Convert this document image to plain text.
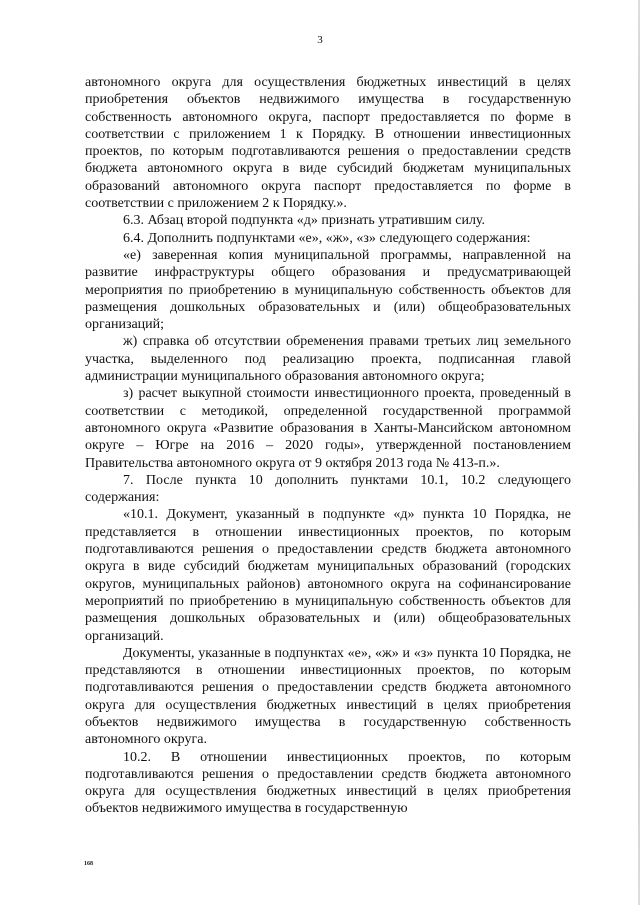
3

автономного округа для осуществления бюджетных инвестиций в целях приобретения объектов недвижимого имущества в государственную собственность автономного округа, паспорт предоставляется по форме в соответствии с приложением 1 к Порядку. В отношении инвестиционных проектов, по которым подготавливаются решения о предоставлении средств бюджета автономного округа в виде субсидий бюджетам муниципальных образований автономного округа паспорт предоставляется по форме в соответствии с приложением 2 к Порядку.».

6.3. Абзац второй подпункта «д» признать утратившим силу.

6.4. Дополнить подпунктами «е», «ж», «з» следующего содержания:

«е) заверенная копия муниципальной программы, направленной на развитие инфраструктуры общего образования и предусматривающей мероприятия по приобретению в муниципальную собственность объектов для размещения дошкольных образовательных и (или) общеобразовательных организаций;

ж) справка об отсутствии обременения правами третьих лиц земельного участка, выделенного под реализацию проекта, подписанная главой администрации муниципального образования автономного округа;

з) расчет выкупной стоимости инвестиционного проекта, проведенный в соответствии с методикой, определенной государственной программой автономного округа «Развитие образования в Ханты-Мансийском автономном округе – Югре на 2016 – 2020 годы», утвержденной постановлением Правительства автономного округа от 9 октября 2013 года № 413-п.».

7. После пункта 10 дополнить пунктами 10.1, 10.2 следующего содержания:

«10.1. Документ, указанный в подпункте «д» пункта 10 Порядка, не представляется в отношении инвестиционных проектов, по которым подготавливаются решения о предоставлении средств бюджета автономного округа в виде субсидий бюджетам муниципальных образований (городских округов, муниципальных районов) автономного округа на софинансирование мероприятий по приобретению в муниципальную собственность объектов для размещения дошкольных образовательных и (или) общеобразовательных организаций.

Документы, указанные в подпунктах «е», «ж» и «з» пункта 10 Порядка, не представляются в отношении инвестиционных проектов, по которым подготавливаются решения о предоставлении средств бюджета автономного округа для осуществления бюджетных инвестиций в целях приобретения объектов недвижимого имущества в государственную собственность автономного округа.

10.2. В отношении инвестиционных проектов, по которым подготавливаются решения о предоставлении средств бюджета автономного округа для осуществления бюджетных инвестиций в целях приобретения объектов недвижимого имущества в государственную

168
